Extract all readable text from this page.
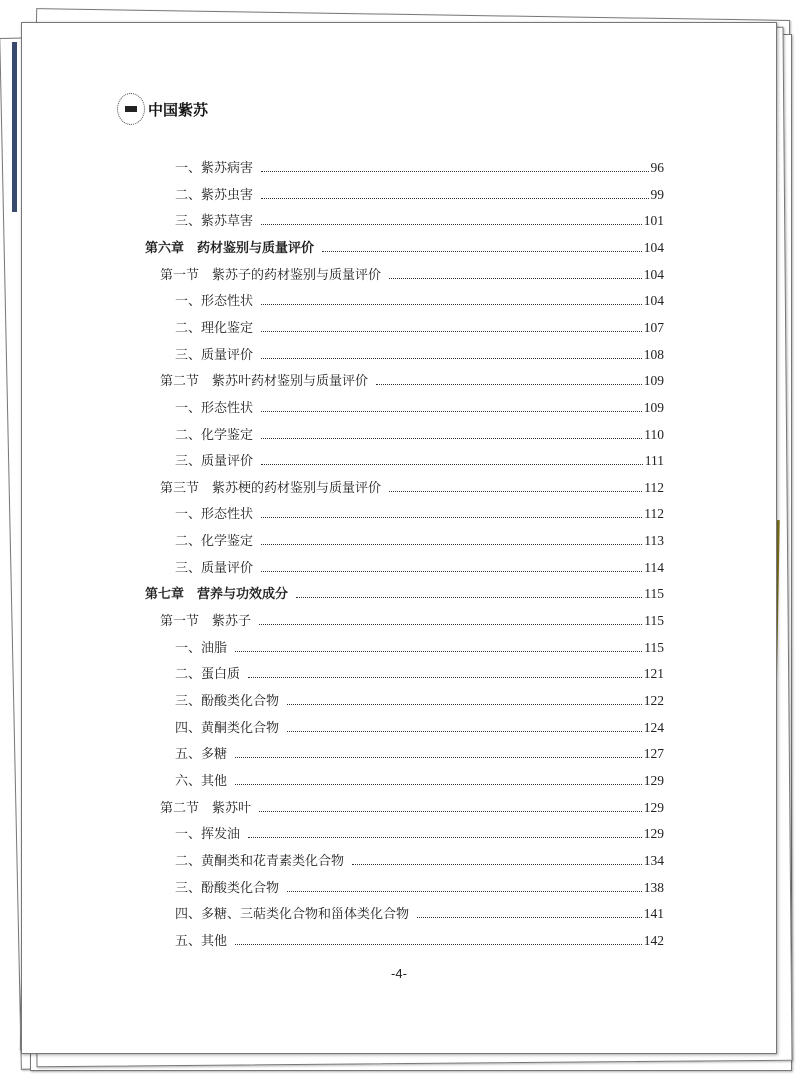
中国紫苏
一、紫苏病害	96
二、紫苏虫害	99
三、紫苏草害	101
第六章　药材鉴别与质量评价	104
第一节　紫苏子的药材鉴别与质量评价	104
一、形态性状	104
二、理化鉴定	107
三、质量评价	108
第二节　紫苏叶药材鉴别与质量评价	109
一、形态性状	109
二、化学鉴定	110
三、质量评价	111
第三节　紫苏梗的药材鉴别与质量评价	112
一、形态性状	112
二、化学鉴定	113
三、质量评价	114
第七章　营养与功效成分	115
第一节　紫苏子	115
一、油脂	115
二、蛋白质	121
三、酚酸类化合物	122
四、黄酮类化合物	124
五、多糖	127
六、其他	129
第二节　紫苏叶	129
一、挥发油	129
二、黄酮类和花青素类化合物	134
三、酚酸类化合物	138
四、多糖、三萜类化合物和甾体类化合物	141
五、其他	142
-4-
